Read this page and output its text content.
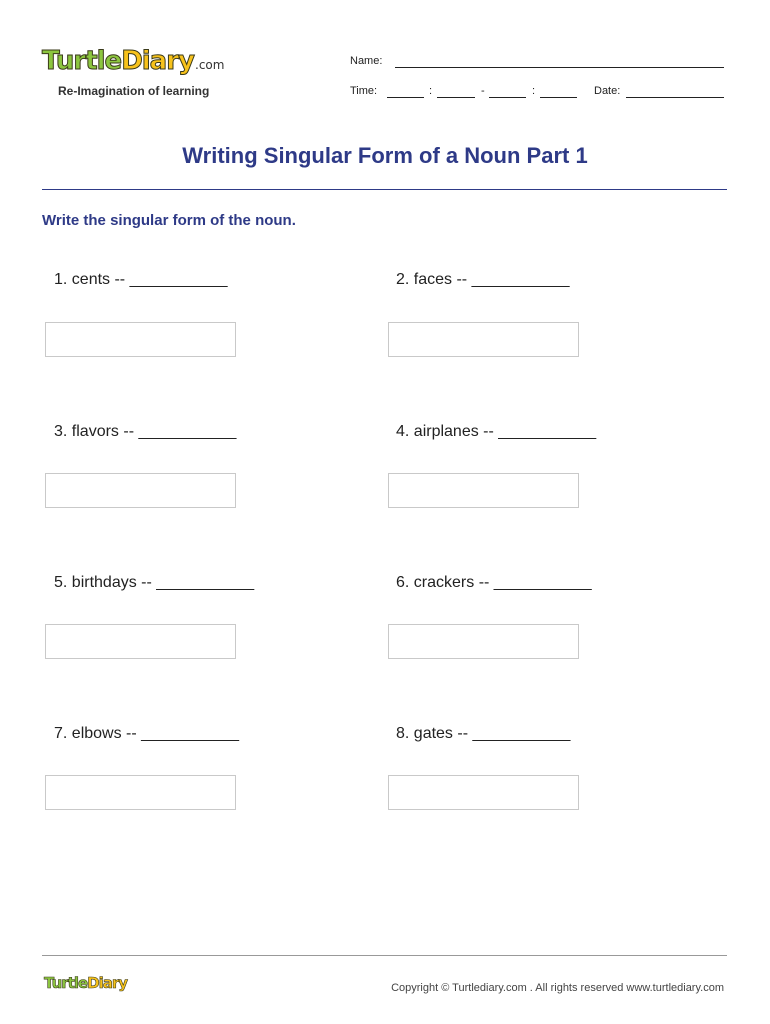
TurtleDiary.com
Re-Imagination of learning
Name:
Time:	:	-	:	Date:
Writing Singular Form of a Noun Part 1
Write the singular form of the noun.
1. cents -- ___________	2. faces -- ___________
3. flavors -- ___________	4. airplanes -- ___________
5. birthdays -- ___________	6. crackers -- ___________
7. elbows -- ___________	8. gates -- ___________
TurtleDiary	Copyright © Turtlediary.com . All rights reserved www.turtlediary.com
